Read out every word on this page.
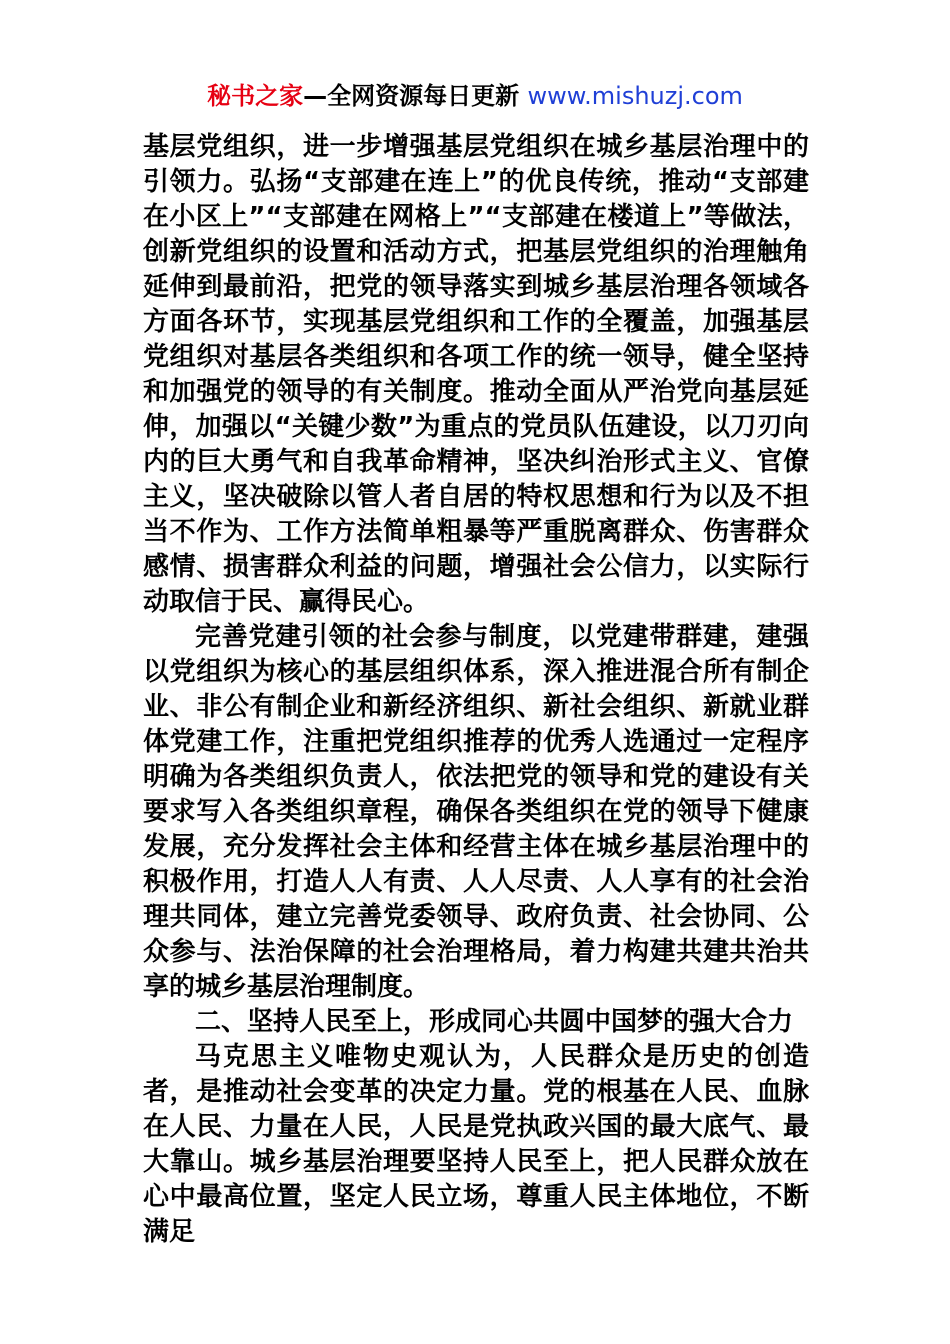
秘书之家—全网资源每日更新 www.mishuzj.com

基层党组织，进一步增强基层党组织在城乡基层治理中的引领力。弘扬“支部建在连上”的优良传统，推动“支部建在小区上”“支部建在网格上”“支部建在楼道上”等做法，创新党组织的设置和活动方式，把基层党组织的治理触角延伸到最前沿，把党的领导落实到城乡基层治理各领域各方面各环节，实现基层党组织和工作的全覆盖，加强基层党组织对基层各类组织和各项工作的统一领导，健全坚持和加强党的领导的有关制度。推动全面从严治党向基层延伸，加强以“关键少数”为重点的党员队伍建设，以刀刃向内的巨大勇气和自我革命精神，坚决纠治形式主义、官僚主义，坚决破除以管人者自居的特权思想和行为以及不担当不作为、工作方法简单粗暴等严重脱离群众、伤害群众感情、损害群众利益的问题，增强社会公信力，以实际行动取信于民、赢得民心。

完善党建引领的社会参与制度，以党建带群建，建强以党组织为核心的基层组织体系，深入推进混合所有制企业、非公有制企业和新经济组织、新社会组织、新就业群体党建工作，注重把党组织推荐的优秀人选通过一定程序明确为各类组织负责人，依法把党的领导和党的建设有关要求写入各类组织章程，确保各类组织在党的领导下健康发展，充分发挥社会主体和经营主体在城乡基层治理中的积极作用，打造人人有责、人人尽责、人人享有的社会治理共同体，建立完善党委领导、政府负责、社会协同、公众参与、法治保障的社会治理格局，着力构建共建共治共享的城乡基层治理制度。

二、坚持人民至上，形成同心共圆中国梦的强大合力

马克思主义唯物史观认为，人民群众是历史的创造者，是推动社会变革的决定力量。党的根基在人民、血脉在人民、力量在人民，人民是党执政兴国的最大底气、最大靠山。城乡基层治理要坚持人民至上，把人民群众放在心中最高位置，坚定人民立场，尊重人民主体地位，不断满足
